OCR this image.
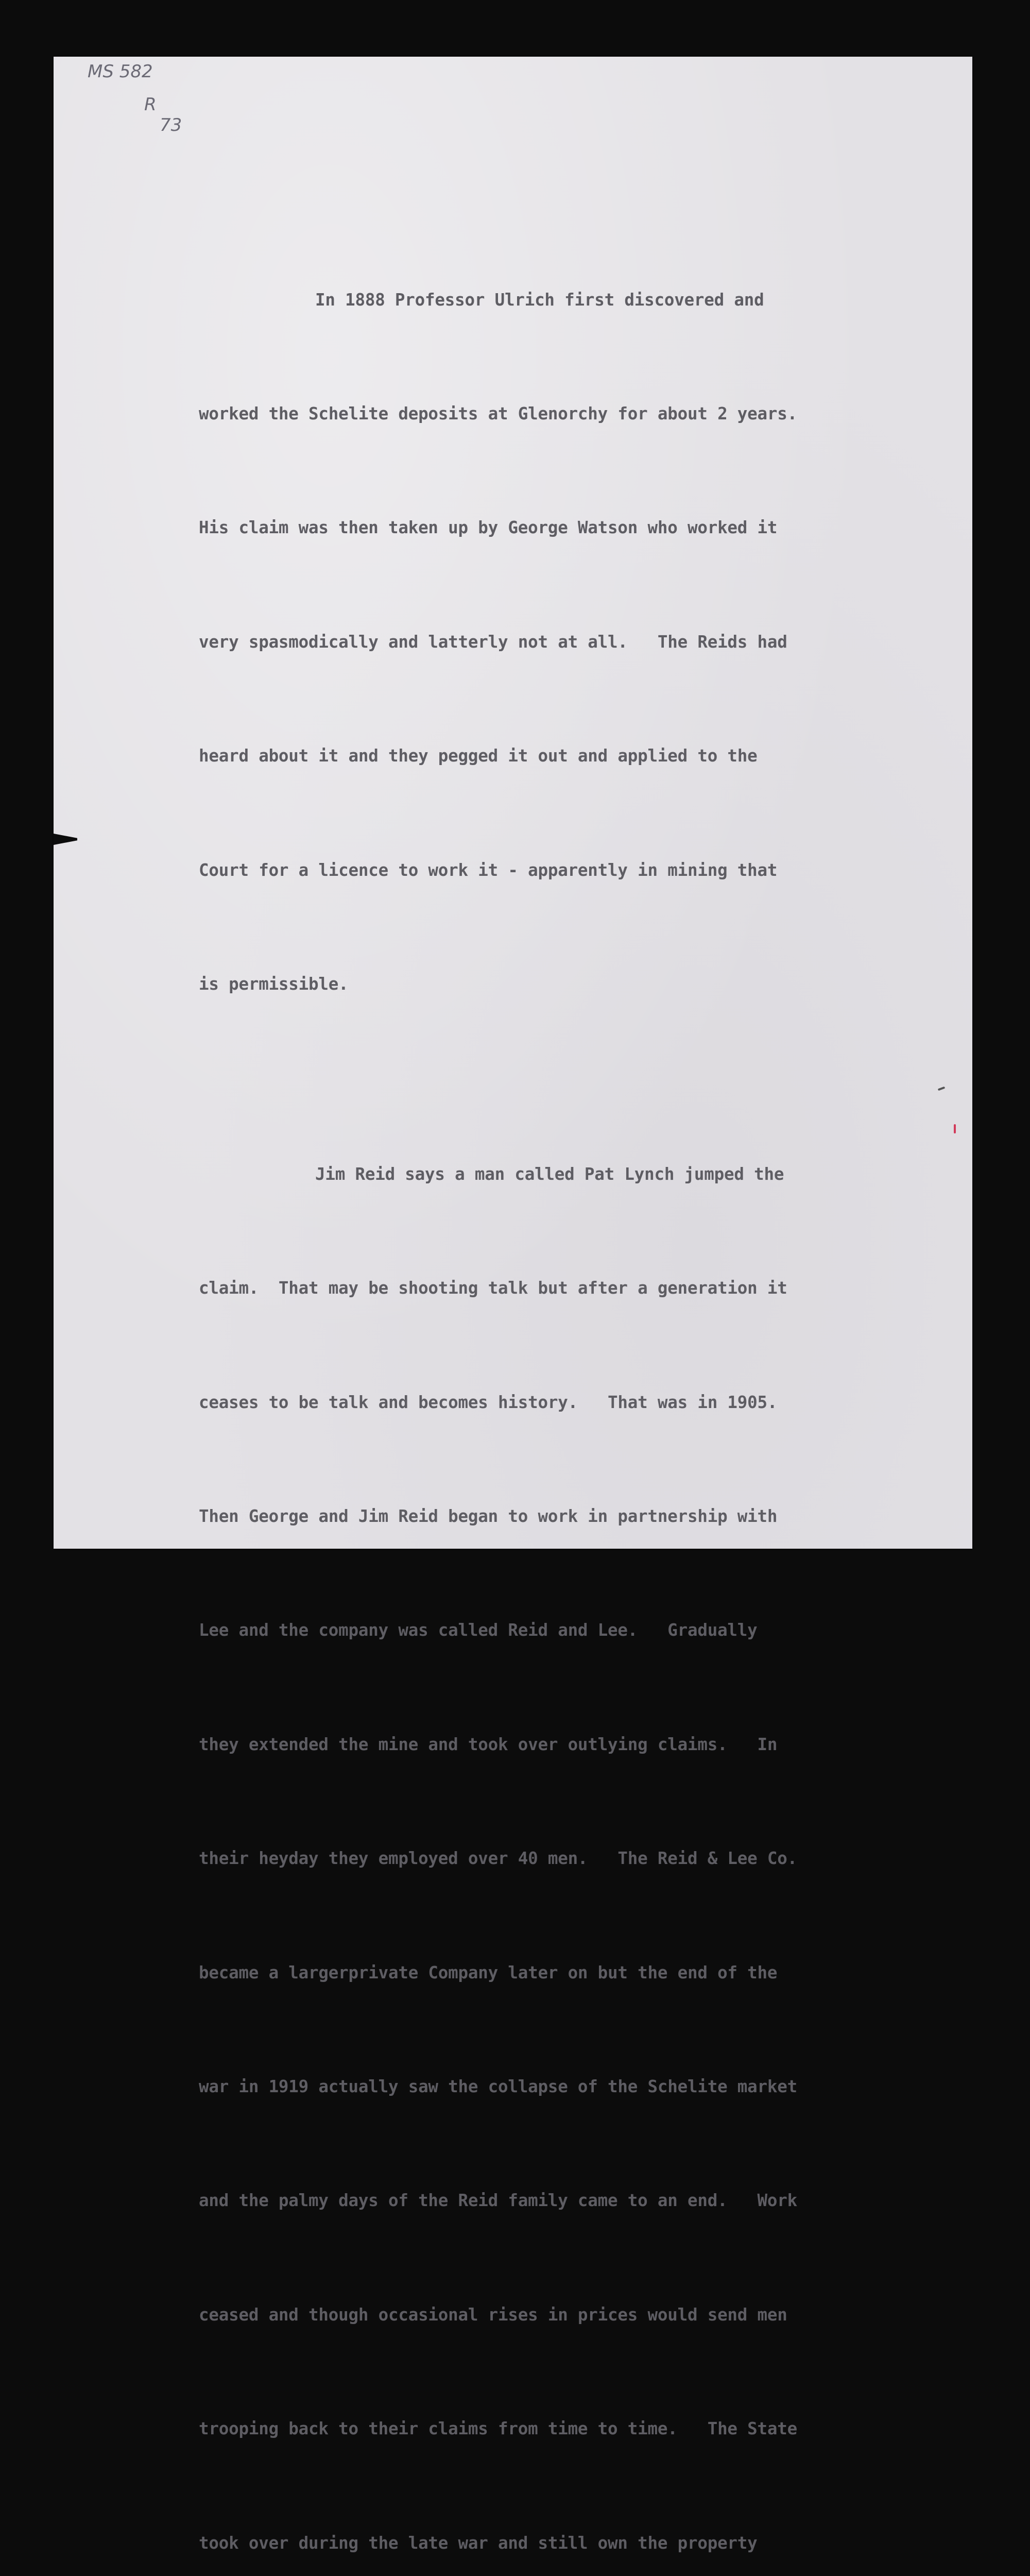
MS 582
R
73

In 1888 Professor Ulrich first discovered and

worked the Schelite deposits at Glenorchy for about 2 years.

His claim was then taken up by George Watson who worked it

very spasmodically and latterly not at all.   The Reids had

heard about it and they pegged it out and applied to the

Court for a licence to work it - apparently in mining that

is permissible.

Jim Reid says a man called Pat Lynch jumped the

claim.  That may be shooting talk but after a generation it

ceases to be talk and becomes history.   That was in 1905.

Then George and Jim Reid began to work in partnership with

Lee and the company was called Reid and Lee.   Gradually

they extended the mine and took over outlying claims.   In

their heyday they employed over 40 men.   The Reid & Lee Co.

became a largerprivate Company later on but the end of the

war in 1919 actually saw the collapse of the Schelite market

and the palmy days of the Reid family came to an end.   Work

ceased and though occasional rises in prices would send men

trooping back to their claims from time to time.   The State

took over during the late war and still own the property
